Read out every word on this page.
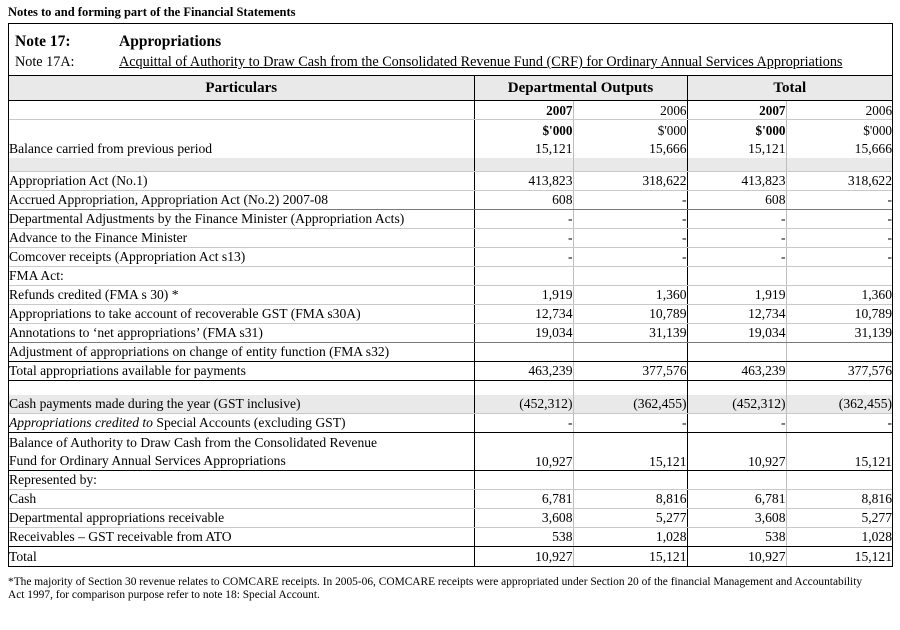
Notes to and forming part of the Financial Statements
Note 17:	Appropriations
Note 17A:	Acquittal of Authority to Draw Cash from the Consolidated Revenue Fund (CRF) for Ordinary Annual Services Appropriations
Particulars	Departmental Outputs		Total	
	2007	2006	2007	2006
	$'000	$'000	$'000	$'000
Balance carried from previous period	15,121	15,666	15,121	15,666

Appropriation Act (No.1)	413,823	318,622	413,823	318,622
Accrued Appropriation, Appropriation Act (No.2) 2007-08	608	-	608	-
Departmental Adjustments by the Finance Minister (Appropriation Acts)	-	-	-	-
Advance to the Finance Minister	-	-	-	-
Comcover receipts (Appropriation Act s13)	-	-	-	-
FMA Act:				
Refunds credited (FMA s 30) *	1,919	1,360	1,919	1,360
Appropriations to take account of recoverable GST (FMA s30A)	12,734	10,789	12,734	10,789
Annotations to ‘net appropriations’ (FMA s31)	19,034	31,139	19,034	31,139
Adjustment of appropriations on change of entity function (FMA s32)				
Total appropriations available for payments	463,239	377,576	463,239	377,576

Cash payments made during the year (GST inclusive)	(452,312)	(362,455)	(452,312)	(362,455)
Appropriations credited to Special Accounts (excluding GST)	-	-	-	-

Balance of Authority to Draw Cash from the Consolidated Revenue
Fund for Ordinary Annual Services Appropriations	10,927	15,121	10,927	15,121
Represented by:				
Cash	6,781	8,816	6,781	8,816
Departmental appropriations receivable	3,608	5,277	3,608	5,277
Receivables – GST receivable from ATO	538	1,028	538	1,028
Total	10,927	15,121	10,927	15,121
*The majority of Section 30 revenue relates to COMCARE receipts. In 2005-06, COMCARE receipts were appropriated under Section 20 of the financial Management and Accountability
Act 1997, for comparison purpose refer to note 18: Special Account.
